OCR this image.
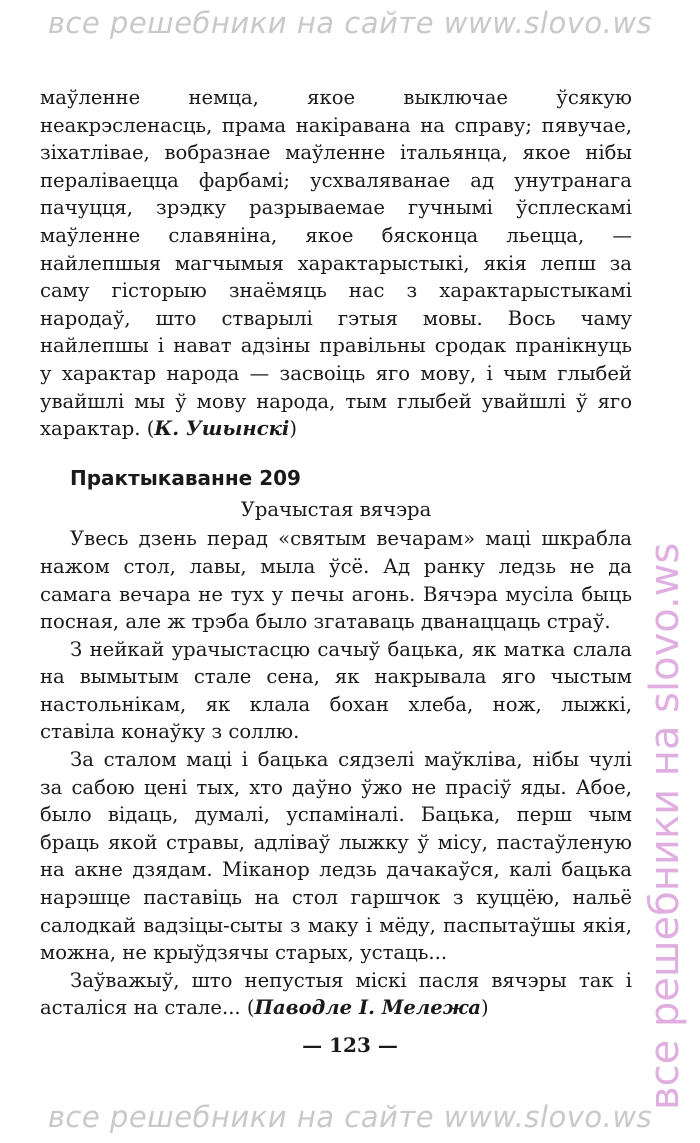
все решебники на сайте www.slovo.ws
все решебники на slovo.ws

маўленне немца, якое выключае ўсякую неакрэсленасць, прама накіравана на справу; пявучае, зіхатлівае, вобразнае маўленне італьянца, якое нібы пераліваецца фарбамі; усхваляванае ад унутранага пачуцця, зрэдку разрываемае гучнымі ўсплескамі маўленне славяніна, якое бясконца льецца, — найлепшыя магчымыя характарыстыкі, якія лепш за саму гісторыю знаёмяць нас з характарыстыкамі народаў, што стварылі гэтыя мовы. Вось чаму найлепшы і нават адзіны правільны сродак пранікнуць у характар народа — засвоіць яго мову, і чым глыбей увайшлі мы ў мову народа, тым глыбей увайшлі ў яго характар. (К. Ушынскі)

Практыкаванне 209
Урачыстая вячэра

Увесь дзень перад «святым вечарам» маці шкрабла нажом стол, лавы, мыла ўсё. Ад ранку ледзь не да самага вечара не тух у печы агонь. Вячэра мусіла быць посная, але ж трэба было згатаваць дванаццаць страў.

З нейкай урачыстасцю сачыў бацька, як матка слала на вымытым стале сена, як накрывала яго чыстым настольнікам, як клала бохан хлеба, нож, лыжкі, ставіла конаўку з соллю.

За сталом маці і бацька сядзелі маўкліва, нібы чулі за сабою цені тых, хто даўно ўжо не прасіў яды. Абое, было відаць, думалі, успаміналі. Бацька, перш чым браць якой стравы, адліваў лыжку ў місу, пастаўленую на акне дзядам. Міканор ледзь дачакаўся, калі бацька нарэшце паставіць на стол гаршчок з куццёю, нальё салодкай вадзіцы-сыты з маку і мёду, паспытаўшы якія, можна, не крыўдзячы старых, устаць...

Заўважыў, што непустыя міскі пасля вячэры так і асталіся на стале... (Паводле І. Мележа)

— 123 —
все решебники на сайте www.slovo.ws
